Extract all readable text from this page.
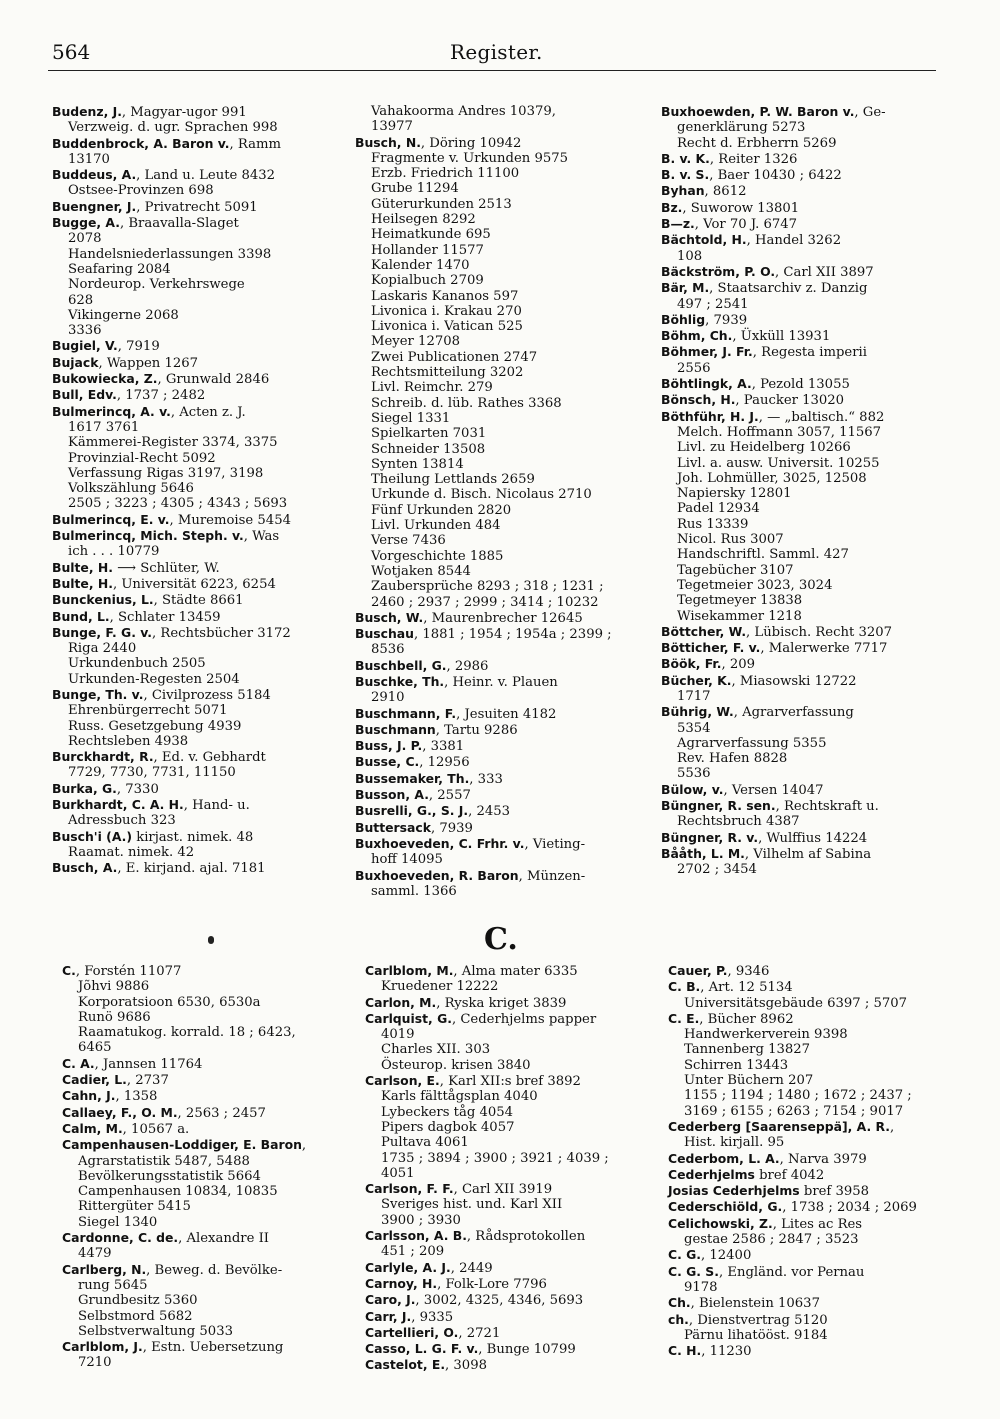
564	Register.
Budenz, J., Magyar-ugor 991
Verzweig. d. ugr. Sprachen 998
Buddenbrock, A. Baron v., Ramm
13170
Buddeus, A., Land u. Leute 8432
Ostsee-Provinzen 698
Buengner, J., Privatrecht 5091
Bugge, A., Braavalla-Slaget
2078
Handelsniederlassungen 3398
Seafaring 2084
Nordeurop. Verkehrswege
628
Vikingerne 2068
3336
Bugiel, V., 7919
Bujack, Wappen 1267
Bukowiecka, Z., Grunwald 2846
Bull, Edv., 1737 ; 2482
Bulmerincq, A. v., Acten z. J.
1617 3761
Kämmerei-Register 3374, 3375
Provinzial-Recht 5092
Verfassung Rigas 3197, 3198
Volkszählung 5646
2505 ; 3223 ; 4305 ; 4343 ; 5693
Bulmerincq, E. v., Muremoise 5454
Bulmerincq, Mich. Steph. v., Was
ich . . . 10779
Bulte, H. ⟶ Schlüter, W.
Bulte, H., Universität 6223, 6254
Bunckenius, L., Städte 8661
Bund, L., Schlater 13459
Bunge, F. G. v., Rechtsbücher 3172
Riga 2440
Urkundenbuch 2505
Urkunden-Regesten 2504
Bunge, Th. v., Civilprozess 5184
Ehrenbürgerrecht 5071
Russ. Gesetzgebung 4939
Rechtsleben 4938
Burckhardt, R., Ed. v. Gebhardt
7729, 7730, 7731, 11150
Burka, G., 7330
Burkhardt, C. A. H., Hand- u.
Adressbuch 323
Busch'i (A.) kirjast. nimek. 48
Raamat. nimek. 42
Busch, A., E. kirjand. ajal. 7181
Vahakoorma Andres 10379,
13977
Busch, N., Döring 10942
Fragmente v. Urkunden 9575
Erzb. Friedrich 11100
Grube 11294
Güterurkunden 2513
Heilsegen 8292
Heimatkunde 695
Hollander 11577
Kalender 1470
Kopialbuch 2709
Laskaris Kananos 597
Livonica i. Krakau 270
Livonica i. Vatican 525
Meyer 12708
Zwei Publicationen 2747
Rechtsmitteilung 3202
Livl. Reimchr. 279
Schreib. d. lüb. Rathes 3368
Siegel 1331
Spielkarten 7031
Schneider 13508
Synten 13814
Theilung Lettlands 2659
Urkunde d. Bisch. Nicolaus 2710
Fünf Urkunden 2820
Livl. Urkunden 484
Verse 7436
Vorgeschichte 1885
Wotjaken 8544
Zaubersprüche 8293 ; 318 ; 1231 ;
2460 ; 2937 ; 2999 ; 3414 ; 10232
Busch, W., Maurenbrecher 12645
Buschau, 1881 ; 1954 ; 1954a ; 2399 ;
8536
Buschbell, G., 2986
Buschke, Th., Heinr. v. Plauen
2910
Buschmann, F., Jesuiten 4182
Buschmann, Tartu 9286
Buss, J. P., 3381
Busse, C., 12956
Bussemaker, Th., 333
Busson, A., 2557
Busrelli, G., S. J., 2453
Buttersack, 7939
Buxhoeveden, C. Frhr. v., Vieting-
hoff 14095
Buxhoeveden, R. Baron, Münzen-
samml. 1366
Buxhoewden, P. W. Baron v., Ge-
generklärung 5273
Recht d. Erbherrn 5269
B. v. K., Reiter 1326
B. v. S., Baer 10430 ; 6422
Byhan, 8612
Bz., Suworow 13801
B—z., Vor 70 J. 6747
Bächtold, H., Handel 3262
108
Bäckström, P. O., Carl XII 3897
Bär, M., Staatsarchiv z. Danzig
497 ; 2541
Böhlig, 7939
Böhm, Ch., Üxküll 13931
Böhmer, J. Fr., Regesta imperii
2556
Böhtlingk, A., Pezold 13055
Bönsch, H., Paucker 13020
Böthführ, H. J., — „baltisch.“ 882
Melch. Hoffmann 3057, 11567
Livl. zu Heidelberg 10266
Livl. a. ausw. Universit. 10255
Joh. Lohmüller, 3025, 12508
Napiersky 12801
Padel 12934
Rus 13339
Nicol. Rus 3007
Handschriftl. Samml. 427
Tagebücher 3107
Tegetmeier 3023, 3024
Tegetmeyer 13838
Wisekammer 1218
Böttcher, W., Lübisch. Recht 3207
Bötticher, F. v., Malerwerke 7717
Böök, Fr., 209
Bücher, K., Miasowski 12722
1717
Bührig, W., Agrarverfassung
5354
Agrarverfassung 5355
Rev. Hafen 8828
5536
Bülow, v., Versen 14047
Büngner, R. sen., Rechtskraft u.
Rechtsbruch 4387
Büngner, R. v., Wulffius 14224
Bååth, L. M., Vilhelm af Sabina
2702 ; 3454
C.
C., Forstén 11077
Jõhvi 9886
Korporatsioon 6530, 6530a
Runö 9686
Raamatukog. korrald. 18 ; 6423,
6465
C. A., Jannsen 11764
Cadier, L., 2737
Cahn, J., 1358
Callaey, F., O. M., 2563 ; 2457
Calm, M., 10567 a.
Campenhausen-Loddiger, E. Baron,
Agrarstatistik 5487, 5488
Bevölkerungsstatistik 5664
Campenhausen 10834, 10835
Rittergüter 5415
Siegel 1340
Cardonne, C. de., Alexandre II
4479
Carlberg, N., Beweg. d. Bevölke-
rung 5645
Grundbesitz 5360
Selbstmord 5682
Selbstverwaltung 5033
Carlblom, J., Estn. Uebersetzung
7210
Carlblom, M., Alma mater 6335
Kruedener 12222
Carlon, M., Ryska kriget 3839
Carlquist, G., Cederhjelms papper
4019
Charles XII. 303
Östeurop. krisen 3840
Carlson, E., Karl XII:s bref 3892
Karls fälttågsplan 4040
Lybeckers tåg 4054
Pipers dagbok 4057
Pultava 4061
1735 ; 3894 ; 3900 ; 3921 ; 4039 ;
4051
Carlson, F. F., Carl XII 3919
Sveriges hist. und. Karl XII
3900 ; 3930
Carlsson, A. B., Rådsprotokollen
451 ; 209
Carlyle, A. J., 2449
Carnoy, H., Folk-Lore 7796
Caro, J., 3002, 4325, 4346, 5693
Carr, J., 9335
Cartellieri, O., 2721
Casso, L. G. F. v., Bunge 10799
Castelot, E., 3098
Cauer, P., 9346
C. B., Art. 12 5134
Universitätsgebäude 6397 ; 5707
C. E., Bücher 8962
Handwerkerverein 9398
Tannenberg 13827
Schirren 13443
Unter Büchern 207
1155 ; 1194 ; 1480 ; 1672 ; 2437 ;
3169 ; 6155 ; 6263 ; 7154 ; 9017
Cederberg [Saarenseppä], A. R.,
Hist. kirjall. 95
Cederbom, L. A., Narva 3979
Cederhjelms bref 4042
Josias Cederhjelms bref 3958
Cederschiöld, G., 1738 ; 2034 ; 2069
Celichowski, Z., Lites ac Res
gestae 2586 ; 2847 ; 3523
C. G., 12400
C. G. S., Engländ. vor Pernau
9178
Ch., Bielenstein 10637
ch., Dienstvertrag 5120
Pärnu lihatööst. 9184
C. H., 11230
